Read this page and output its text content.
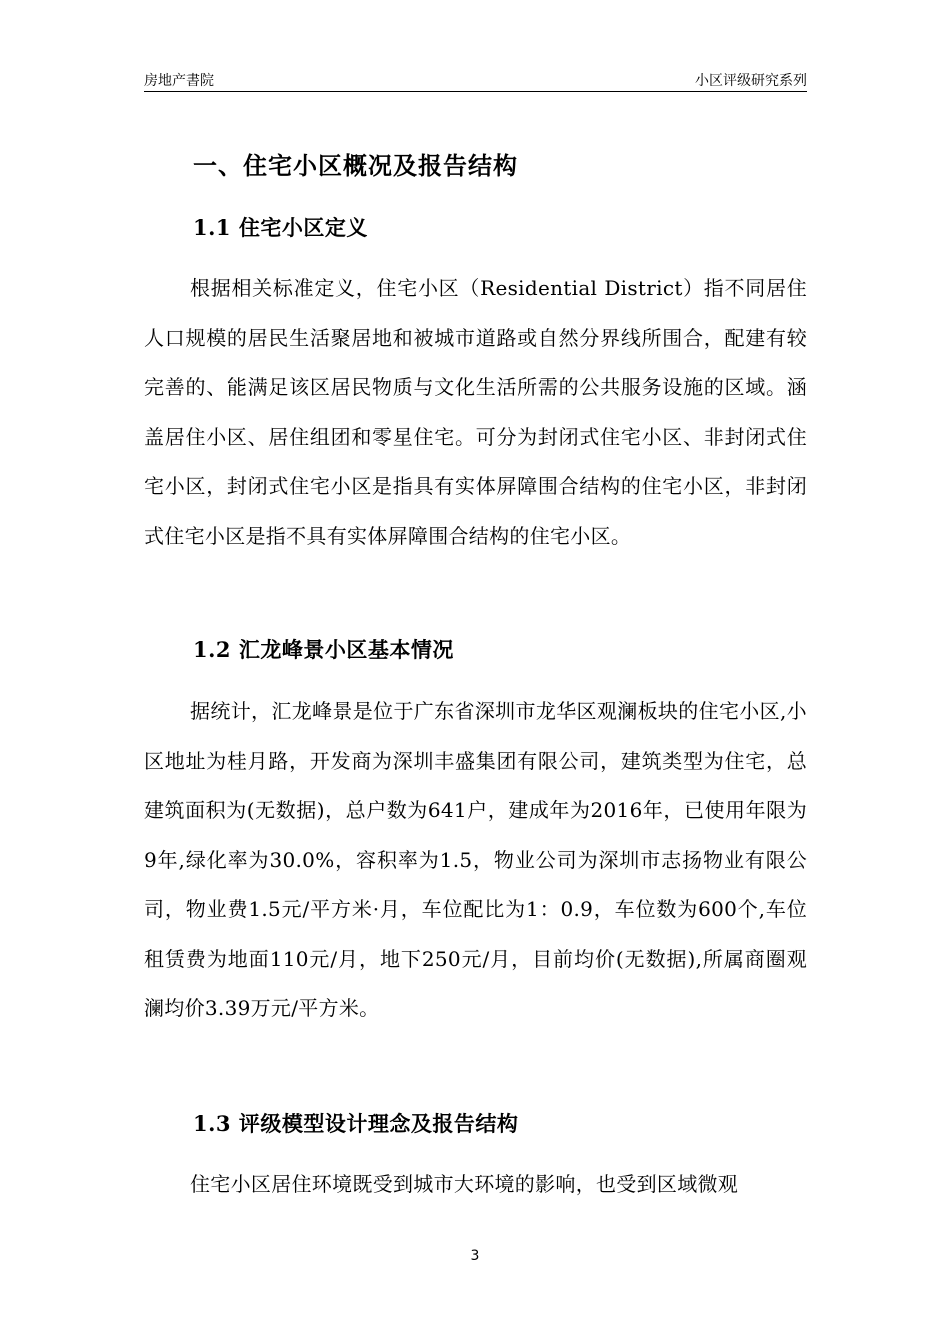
房地产書院	小区评级研究系列
一、住宅小区概况及报告结构
1.1 住宅小区定义
根据相关标准定义，住宅小区（Residential District）指不同居住人口规模的居民生活聚居地和被城市道路或自然分界线所围合，配建有较完善的、能满足该区居民物质与文化生活所需的公共服务设施的区域。涵盖居住小区、居住组团和零星住宅。可分为封闭式住宅小区、非封闭式住宅小区，封闭式住宅小区是指具有实体屏障围合结构的住宅小区，非封闭式住宅小区是指不具有实体屏障围合结构的住宅小区。
1.2 汇龙峰景小区基本情况
据统计，汇龙峰景是位于广东省深圳市龙华区观澜板块的住宅小区,小区地址为桂月路，开发商为深圳丰盛集团有限公司，建筑类型为住宅，总建筑面积为(无数据)，总户数为641户，建成年为2016年，已使用年限为9年,绿化率为30.0%，容积率为1.5，物业公司为深圳市志扬物业有限公司，物业费1.5元/平方米·月，车位配比为1：0.9，车位数为600个,车位租赁费为地面110元/月，地下250元/月，目前均价(无数据),所属商圈观澜均价3.39万元/平方米。
1.3 评级模型设计理念及报告结构
住宅小区居住环境既受到城市大环境的影响，也受到区域微观
3
